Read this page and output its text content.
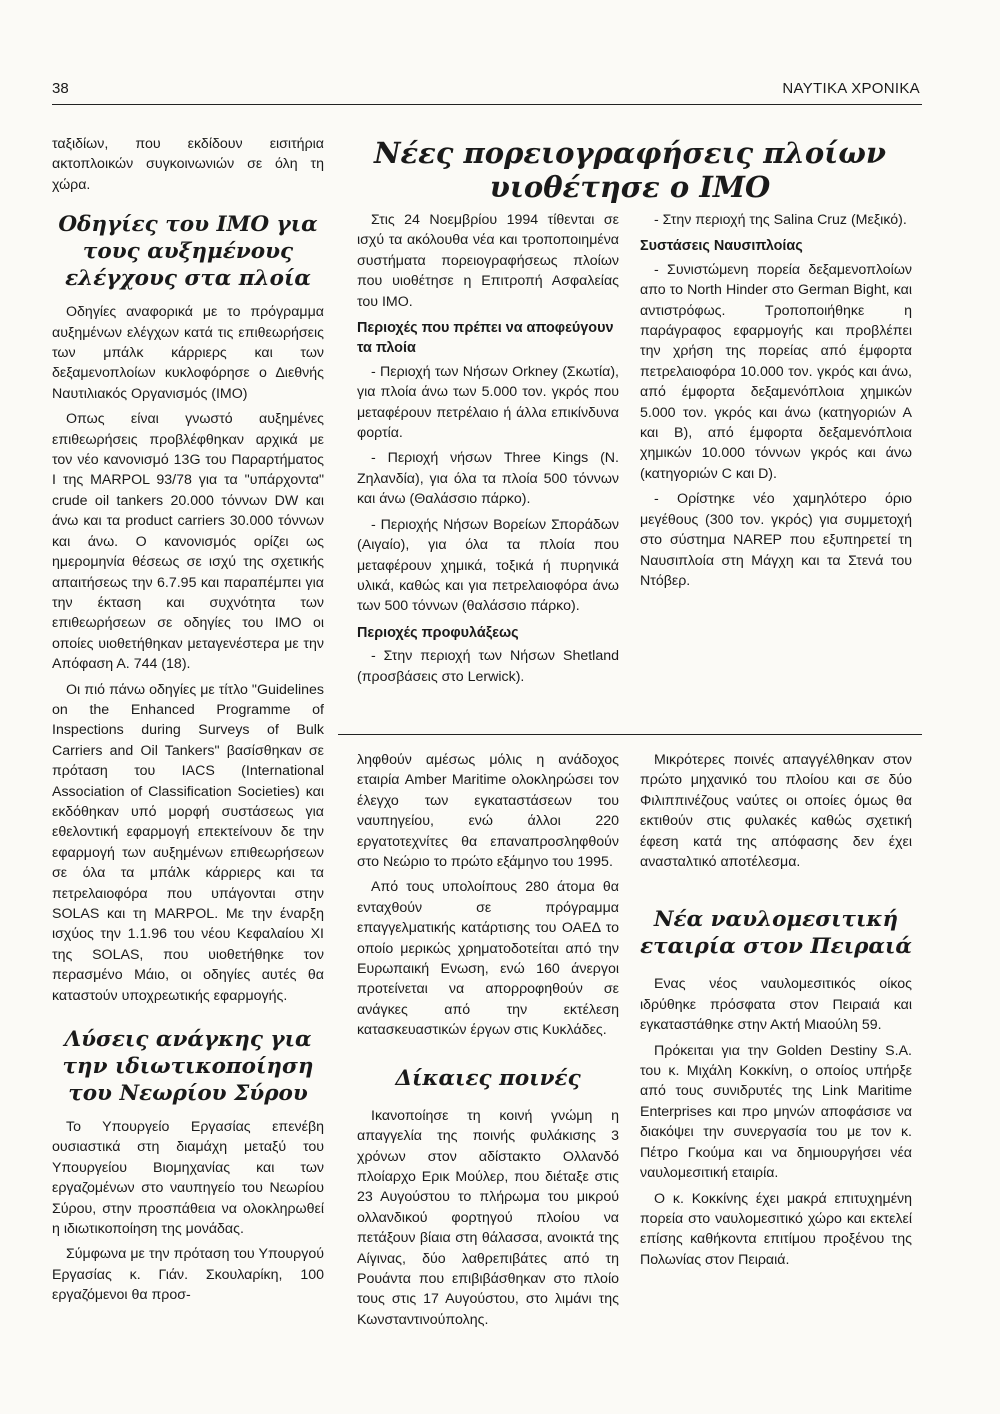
38	ΝΑΥΤΙΚΑ ΧΡΟΝΙΚΑ

ταξιδίων, που εκδίδουν εισιτήρια ακτοπλοικών συγκοινωνιών σε όλη τη χώρα.

Οδηγίες του ΙΜΟ για τους αυξημένους ελέγχους στα πλοία

Οδηγίες αναφορικά με το πρόγραμμα αυξημένων ελέγχων κατά τις επιθεωρήσεις των μπάλκ κάρριερς και των δεξαμενοπλοίων κυκλοφόρησε ο Διεθνής Ναυτιλιακός Οργανισμός (ΙΜΟ)

Οπως είναι γνωστό αυξημένες επιθεωρήσεις προβλέφθηκαν αρχικά με τον νέο κανονισμό 13G του Παραρτήματος Ι της MARPOL 93/78 για τα "υπάρχοντα" crude oil tankers 20.000 τόννων DW και άνω και τα product carriers 30.000 τόννων και άνω. Ο κανονισμός ορίζει ως ημερομηνία θέσεως σε ισχύ της σχετικής απαιτήσεως την 6.7.95 και παραπέμπει για την έκταση και συχνότητα των επιθεωρήσεων σε οδηγίες του ΙΜΟ οι οποίες υιοθετήθηκαν μεταγενέστερα με την Απόφαση Α. 744 (18).

Οι πιό πάνω οδηγίες με τίτλο "Guidelines on the Enhanced Programme of Inspections during Surveys of Bulk Carriers and Oil Tankers" βασίσθηκαν σε πρόταση του IACS (International Association of Classification Societies) και εκδόθηκαν υπό μορφή συστάσεως για εθελοντική εφαρμογή επεκτείνουν δε την εφαρμογή των αυξημένων επιθεωρήσεων σε όλα τα μπάλκ κάρριερς και τα πετρελαιοφόρα που υπάγονται στην SOLAS και τη MARPOL. Με την έναρξη ισχύος την 1.1.96 του νέου Κεφαλαίου ΧΙ της SOLAS, που υιοθετήθηκε τον περασμένο Μάιο, οι οδηγίες αυτές θα καταστούν υποχρεωτικής εφαρμογής.

Λύσεις ανάγκης για την ιδιωτικοποίηση του Νεωρίου Σύρου

Το Υπουργείο Εργασίας επενέβη ουσιαστικά στη διαμάχη μεταξύ του Υπουργείου Βιομηχανίας και των εργαζομένων στο ναυπηγείο του Νεωρίου Σύρου, στην προσπάθεια να ολοκληρωθεί η ιδιωτικοποίηση της μονάδας.

Σύμφωνα με την πρόταση του Υπουργού Εργασίας κ. Γιάν. Σκουλαρίκη, 100 εργαζόμενοι θα προσ-

Νέες πορειογραφήσεις πλοίων υιοθέτησε ο ΙΜΟ

Στις 24 Νοεμβρίου 1994 τίθενται σε ισχύ τα ακόλουθα νέα και τροποποιημένα συστήματα πορειογραφήσεως πλοίων που υιοθέτησε η Επιτροπή Ασφαλείας του ΙΜΟ.

Περιοχές που πρέπει να αποφεύγουν τα πλοία

- Περιοχή των Νήσων Orkney (Σκωτία), για πλοία άνω των 5.000 τον. γκρός που μεταφέρουν πετρέλαιο ή άλλα επικίνδυνα φορτία.

- Περιοχή νήσων Three Kings (Ν. Ζηλανδία), για όλα τα πλοία 500 τόννων και άνω (Θαλάσσιο πάρκο).

- Περιοχής Νήσων Βορείων Σποράδων (Αιγαίο), για όλα τα πλοία που μεταφέρουν χημικά, τοξικά ή πυρηνικά υλικά, καθώς και για πετρελαιοφόρα άνω των 500 τόννων (θαλάσσιο πάρκο).

Περιοχές προφυλάξεως

- Στην περιοχή των Νήσων Shetland (προσβάσεις στο Lerwick).

- Στην περιοχή της Salina Cruz (Μεξικό).

Συστάσεις Ναυσιπλοίας

- Συνιστώμενη πορεία δεξαμενοπλοίων απο το North Hinder στο German Bight, και αντιστρόφως. Τροποποιήθηκε η παράγραφος εφαρμογής και προβλέπει την χρήση της πορείας από έμφορτα πετρελαιοφόρα 10.000 τον. γκρός και άνω, από έμφορτα δεξαμενόπλοια χημικών 5.000 τον. γκρός και άνω (κατηγοριών Α και Β), από έμφορτα δεξαμενόπλοια χημικών 10.000 τόννων γκρός και άνω (κατηγοριών C και D).

- Ορίστηκε νέο χαμηλότερο όριο μεγέθους (300 τον. γκρός) για συμμετοχή στο σύστημα NAREP που εξυπηρετεί τη Ναυσιπλοία στη Μάγχη και τα Στενά του Ντόβερ.

ληφθούν αμέσως μόλις η ανάδοχος εταιρία Amber Maritime ολοκληρώσει τον έλεγχο των εγκαταστάσεων του ναυπηγείου, ενώ άλλοι 220 εργατοτεχνίτες θα επαναπροσληφθούν στο Νεώριο το πρώτο εξάμηνο του 1995.

Από τους υπολοίπους 280 άτομα θα ενταχθούν σε πρόγραμμα επαγγελματικής κατάρτισης του ΟΑΕΔ το οποίο μερικώς χρηματοδοτείται από την Ευρωπαική Ενωση, ενώ 160 άνεργοι προτείνεται να απορροφηθούν σε ανάγκες από την εκτέλεση κατασκευαστικών έργων στις Κυκλάδες.

Δίκαιες ποινές

Ικανοποίησε τη κοινή γνώμη η απαγγελία της ποινής φυλάκισης 3 χρόνων στον αδίστακτο Ολλανδό πλοίαρχο Ερικ Μούλερ, που διέταξε στις 23 Αυγούστου το πλήρωμα του μικρού ολλανδικού φορτηγού πλοίου να πετάξουν βίαια στη θάλασσα, ανοικτά της Αίγινας, δύο λαθρεπιβάτες από τη Ρουάντα που επιβιβάσθηκαν στο πλοίο τους στις 17 Αυγούστου, στο λιμάνι της Κωνσταντινούπολης.

Μικρότερες ποινές απαγγέλθηκαν στον πρώτο μηχανικό του πλοίου και σε δύο Φιλιππινέζους ναύτες οι οποίες όμως θα εκτιθούν στις φυλακές καθώς σχετική έφεση κατά της απόφασης δεν έχει ανασταλτικό αποτέλεσμα.

Νέα ναυλομεσιτική εταιρία στον Πειραιά

Ενας νέος ναυλομεσιτικός οίκος ιδρύθηκε πρόσφατα στον Πειραιά και εγκαταστάθηκε στην Ακτή Μιαούλη 59.

Πρόκειται για την Golden Destiny S.A. του κ. Μιχάλη Κοκκίνη, ο οποίος υπήρξε από τους συνιδρυτές της Link Maritime Enterprises και προ μηνών αποφάσισε να διακόψει την συνεργασία του με τον κ. Πέτρο Γκούμα και να δημιουργήσει νέα ναυλομεσιτική εταιρία.

Ο κ. Κοκκίνης έχει μακρά επιτυχημένη πορεία στο ναυλομεσιτικό χώρο και εκτελεί επίσης καθήκοντα επιτίμου προξένου της Πολωνίας στον Πειραιά.
